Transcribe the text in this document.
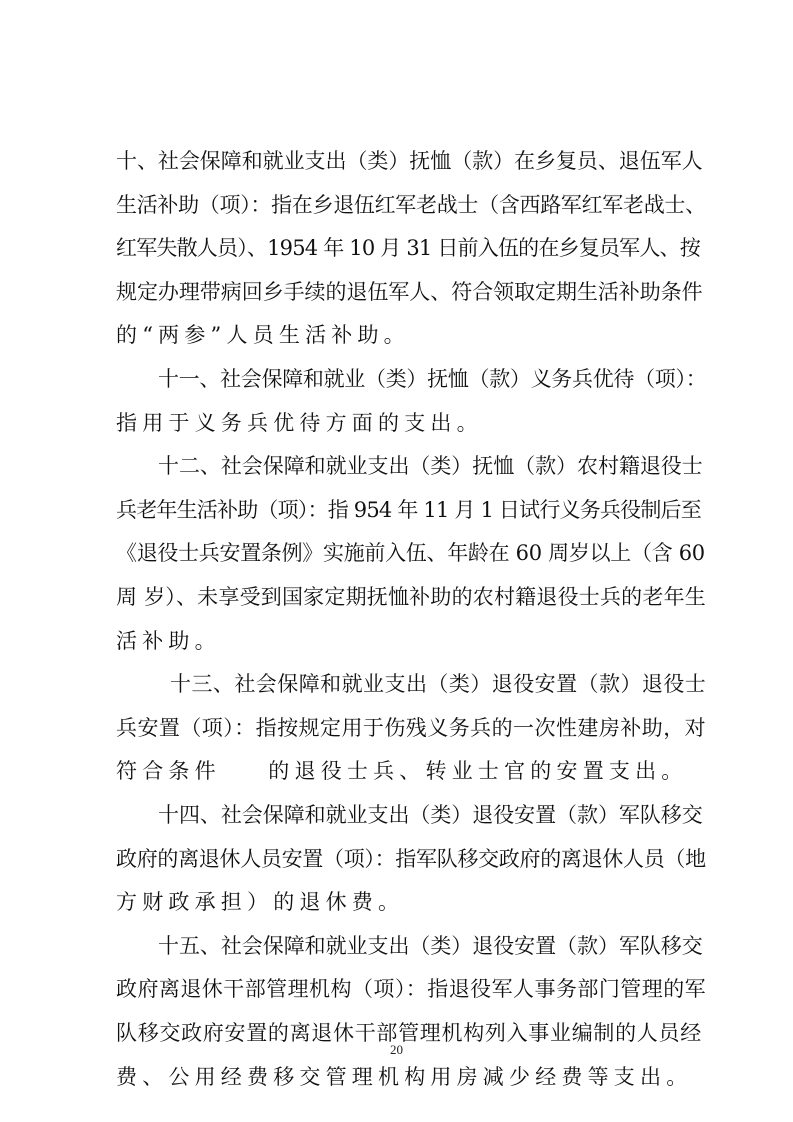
十、社会保障和就业支出（类）抚恤（款）在乡复员、退伍军人
生活补助（项）：指在乡退伍红军老战士（含西路军红军老战士、
红军失散人员）、1954 年 10 月 31 日前入伍的在乡复员军人、按
规定办理带病回乡手续的退伍军人、符合领取定期生活补助条件
的“两参”人员生活补助。
十一、社会保障和就业（类）抚恤（款）义务兵优待（项）：
指用于义务兵优待方面的支出。
十二、社会保障和就业支出（类）抚恤（款）农村籍退役士
兵老年生活补助（项）：指 954 年 11 月 1 日试行义务兵役制后至
《退役士兵安置条例》实施前入伍、年龄在 60 周岁以上（含 60
周 岁）、未享受到国家定期抚恤补助的农村籍退役士兵的老年生
活补助。
十三、社会保障和就业支出（类）退役安置（款）退役士
兵安置（项）：指按规定用于伤残义务兵的一次性建房补助，对
符合条件    的退役士兵、转业士官的安置支出。
十四、社会保障和就业支出（类）退役安置（款）军队移交
政府的离退休人员安置（项）：指军队移交政府的离退休人员（地
方财政承担）的退休费。
十五、社会保障和就业支出（类）退役安置（款）军队移交
政府离退休干部管理机构（项）：指退役军人事务部门管理的军
队移交政府安置的离退休干部管理机构列入事业编制的人员经
费、公用经费移交管理机构用房减少经费等支出。
20
